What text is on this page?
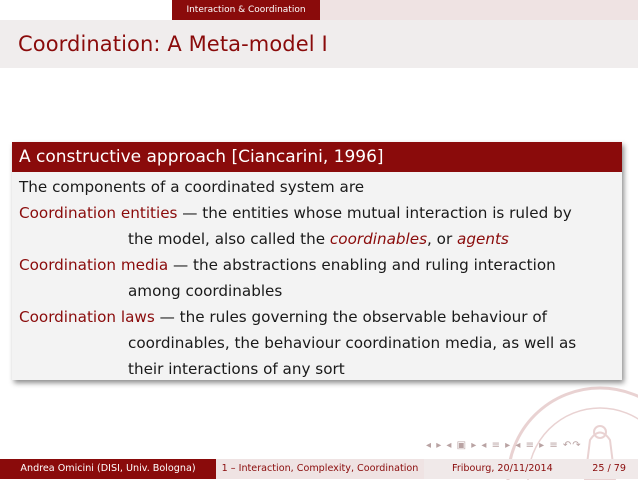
Interaction & Coordination
Coordination: A Meta-model I
A constructive approach [Ciancarini, 1996]
The components of a coordinated system are
Coordination entities — the entities whose mutual interaction is ruled by
the model, also called the coordinables, or agents
Coordination media — the abstractions enabling and ruling interaction
among coordinables
Coordination laws — the rules governing the observable behaviour of
coordinables, the behaviour coordination media, as well as
their interactions of any sort
◂ ▸ ◂ ▣ ▸ ◂ ≡ ▸ ◂ ≡ ▸ ≡ ↶↷
Andrea Omicini (DISI, Univ. Bologna)	1 – Interaction, Complexity, Coordination	Fribourg, 20/11/2014	25 / 79
